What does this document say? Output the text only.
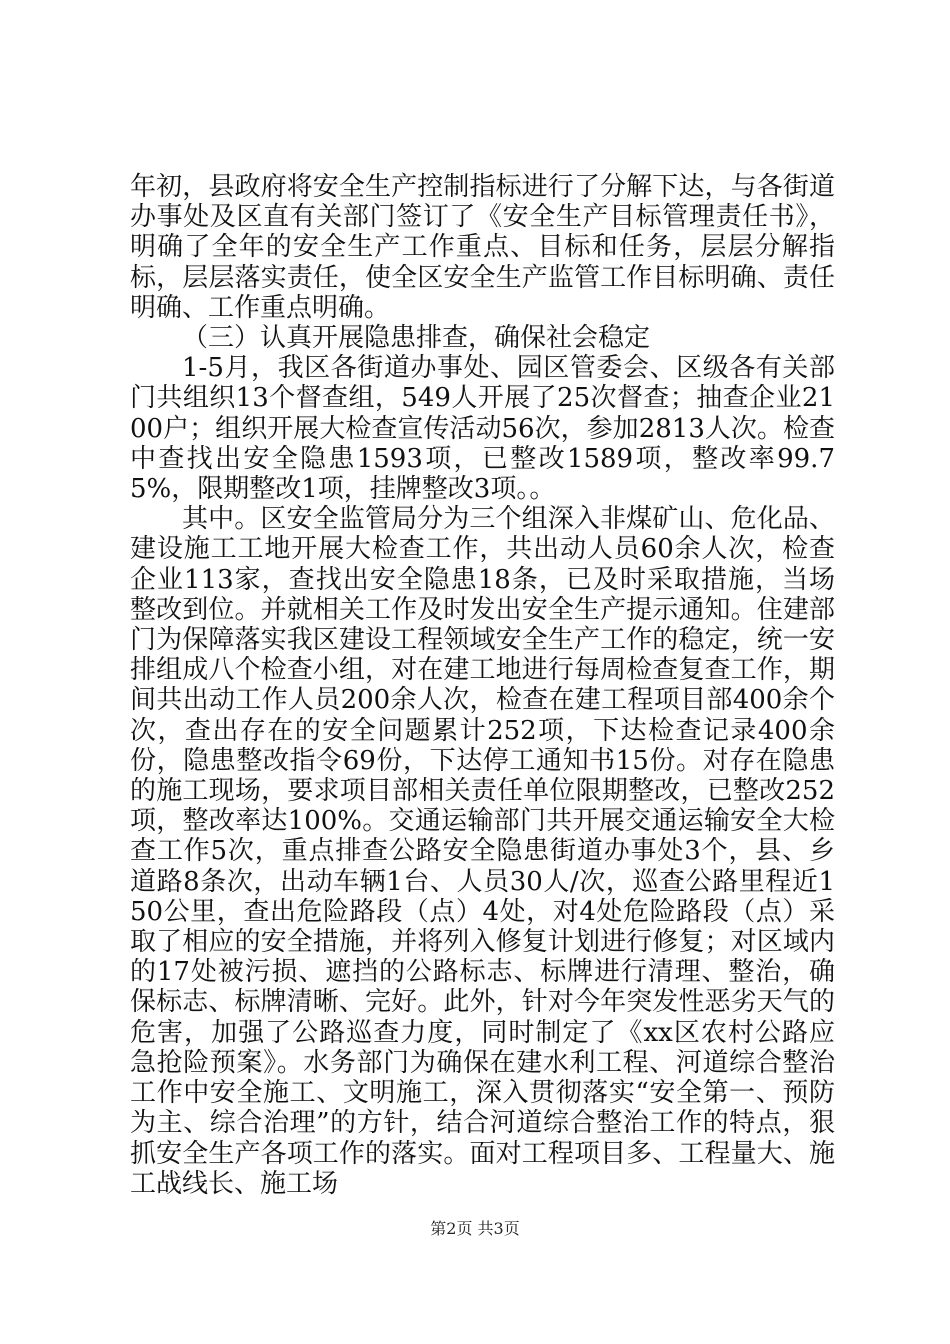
年初，县政府将安全生产控制指标进行了分解下达，与各街道办事处及区直有关部门签订了《安全生产目标管理责任书》，明确了全年的安全生产工作重点、目标和任务，层层分解指标，层层落实责任，使全区安全生产监管工作目标明确、责任明确、工作重点明确。

（三）认真开展隐患排查，确保社会稳定

1-5月，我区各街道办事处、园区管委会、区级各有关部门共组织13个督查组，549人开展了25次督查；抽查企业2100户；组织开展大检查宣传活动56次，参加2813人次。检查中查找出安全隐患1593项，已整改1589项，整改率99.75%，限期整改1项，挂牌整改3项。。

其中。区安全监管局分为三个组深入非煤矿山、危化品、建设施工工地开展大检查工作，共出动人员60余人次，检查企业113家，查找出安全隐患18条，已及时采取措施，当场整改到位。并就相关工作及时发出安全生产提示通知。住建部门为保障落实我区建设工程领域安全生产工作的稳定，统一安排组成八个检查小组，对在建工地进行每周检查复查工作，期间共出动工作人员200余人次，检查在建工程项目部400余个次，查出存在的安全问题累计252项，下达检查记录400余份，隐患整改指令69份，下达停工通知书15份。对存在隐患的施工现场，要求项目部相关责任单位限期整改，已整改252项，整改率达100%。交通运输部门共开展交通运输安全大检查工作5次，重点排查公路安全隐患街道办事处3个，县、乡道路8条次，出动车辆1台、人员30人/次，巡查公路里程近150公里，查出危险路段（点）4处，对4处危险路段（点）采取了相应的安全措施，并将列入修复计划进行修复；对区域内的17处被污损、遮挡的公路标志、标牌进行清理、整治，确保标志、标牌清晰、完好。此外，针对今年突发性恶劣天气的危害，加强了公路巡查力度，同时制定了《xx区农村公路应急抢险预案》。水务部门为确保在建水利工程、河道综合整治工作中安全施工、文明施工，深入贯彻落实“安全第一、预防为主、综合治理”的方针，结合河道综合整治工作的特点，狠抓安全生产各项工作的落实。面对工程项目多、工程量大、施工战线长、施工场

第2页 共3页
